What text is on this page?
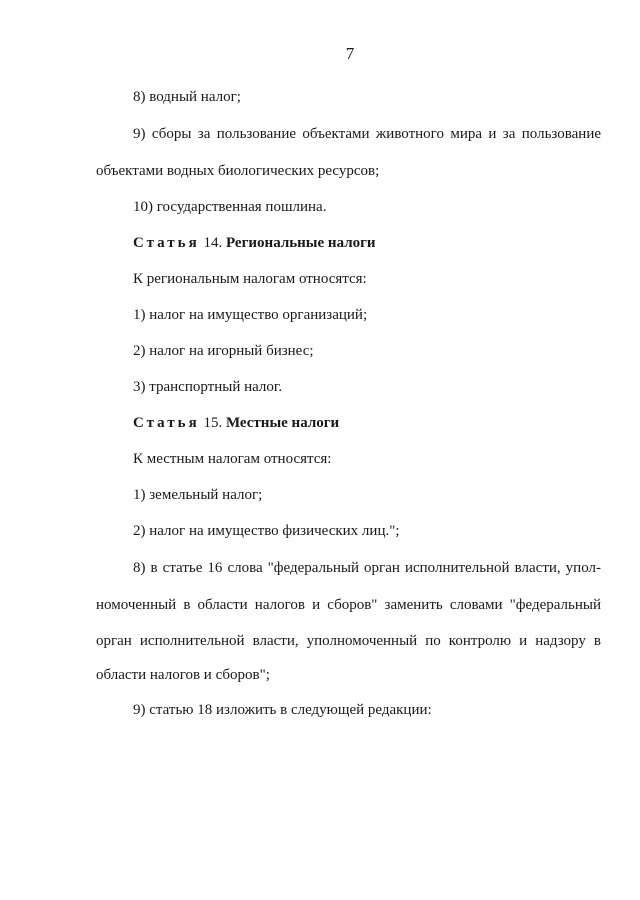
7
8) водный налог;
9) сборы за пользование объектами животного мира и за пользование
объектами водных биологических ресурсов;
10) государственная пошлина.
Статья 14. Региональные налоги
К региональным налогам относятся:
1) налог на имущество организаций;
2) налог на игорный бизнес;
3) транспортный налог.
Статья 15. Местные налоги
К местным налогам относятся:
1) земельный налог;
2) налог на имущество физических лиц.";
8) в статье 16 слова "федеральный орган исполнительной власти, упол-
номоченный в области налогов и сборов" заменить словами "федеральный
орган исполнительной власти, уполномоченный по контролю и надзору в
области налогов и сборов";
9) статью 18 изложить в следующей редакции:
